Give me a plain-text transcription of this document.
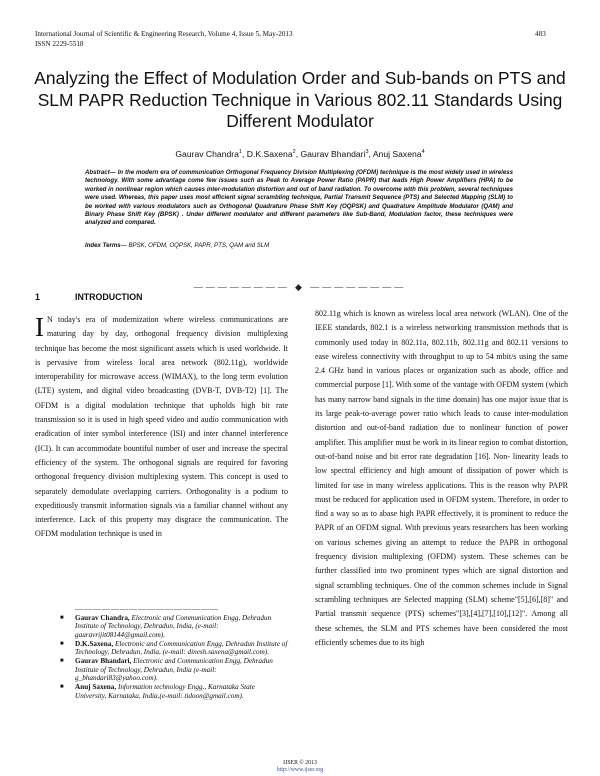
International Journal of Scientific & Engineering Research, Volume 4, Issue 5, May-2013
ISSN 2229-5518
483
Analyzing the Effect of Modulation Order and Sub-bands on PTS and SLM PAPR Reduction Technique in Various 802.11 Standards Using Different Modulator
Gaurav Chandra$^1$, D.K.Saxena$^2$, Gaurav Bhandari$^3$, Anuj Saxena$^4$
Abstract— In the modern era of communication Orthogonal Frequency Division Multiplexing (OFDM) technique is the most widely used in wireless technology. With some advantage come few issues such as Peak to Average Power Ratio (PAPR) that leads High Power Amplifiers (HPA) to be worked in nonlinear region which causes inter-modulation distortion and out of band radiation. To overcome with this problem, several techniques were used. Whereas, this paper uses most efficient signal scrambling technique, Partial Transmit Sequence (PTS) and Selected Mapping (SLM) to be worked with various modulators such as Orthogonal Quadrature Phase Shift Key (OQPSK) and Quadrature Amplitude Modulator (QAM) and Binary Phase Shift Key (BPSK) . Under different modulator and different parameters like Sub-Band, Modulation factor, these techniques were analyzed and compared.
Index Terms— BPSK, OFDM, OQPSK, PAPR, PTS, QAM and SLM
———————— ◆ ————————
1	INTRODUCTION
I N today's era of modernization where wireless communications are maturing day by day, orthogonal frequency division multiplexing technique has become the most significant assets which is used worldwide. It is pervasive from wireless local area network (802.11g), worldwide interoperability for microwave access (WIMAX), to the long term evolution (LTE) system, and digital video broadcasting (DVB-T, DVB-T2) [1]. The OFDM is a digital modulation technique that upholds high bit rate transmission so it is used in high speed video and audio communication with eradication of inter symbol interference (ISI) and inter channel interference (ICI). It can accommodate bountiful number of user and increase the spectral efficiency of the system. The orthogonal signals are required for favoring orthogonal frequency division multiplexing system. This concept is used to separately demodulate overlapping carriers. Orthogonality is a podium to expeditiously transmit information signals via a familiar channel without any interference. Lack of this property may disgrace the communication. The OFDM modulation technique is used in
802.11g which is known as wireless local area network (WLAN). One of the IEEE standards, 802.1 is a wireless networking transmission methods that is commonly used today in 802.11a, 802.11b, 802.11g and 802.11 versions to ease wireless connectivity with throughput to up to 54 mbit/s using the same 2.4 GHz band in various places or organization such as abode, office and commercial purpose [1]. With some of the vantage with OFDM system (which has many narrow band signals in the time domain) has one major issue that is its large peak-to-average power ratio which leads to cause inter-modulation distortion and out-of-band radiation due to nonlinear function of power amplifier. This amplifier must be work in its linear region to combat distortion, out-of-band noise and bit error rate degradation [16]. Non- linearity leads to low spectral efficiency and high amount of dissipation of power which is limited for use in many wireless applications. This is the reason why PAPR must be reduced for application used in OFDM system. Therefore, in order to find a way so as to abase high PAPR effectively, it is prominent to reduce the PAPR of an OFDM signal. With previous years researchers has been working on various schemes giving an attempt to reduce the PAPR in orthogonal frequency division multiplexing (OFDM) system. These schemes can be further classified into two prominent types which are signal distortion and signal scrambling techniques. One of the common schemes include in Signal scrambling techniques are Selected mapping (SLM) scheme"[5],[6],[8]" and Partial transmit sequence (PTS) schemes"[3],[4],[7],[10],[12]". Among all these schemes, the SLM and PTS schemes have been considered the most efficiently schemes due to its high
————————————————
■ Gaurav Chandra, Electronic and Communication Engg, Dehradun Institute of Technology, Dehradun, India, (e-mail: gauravrijit08144@gmail.com).
■ D.K.Saxena, Electronic and Communication Engg, Dehradun Institute of Technology, Dehradun, India, (e-mail: dinesh.saxena@gmail.com).
■ Gaurav Bhandari, Electronic and Communication Engg, Dehradun Institute of Technology, Dehradun, India (e-mail: g_bhandari83@yahoo.com).
■ Anuj Saxena, Information technology Engg., Karnataka State University, Karnataka, India,(e-mail: tidoon@gmail.com).
IJSER © 2013
http://www.ijser.org
